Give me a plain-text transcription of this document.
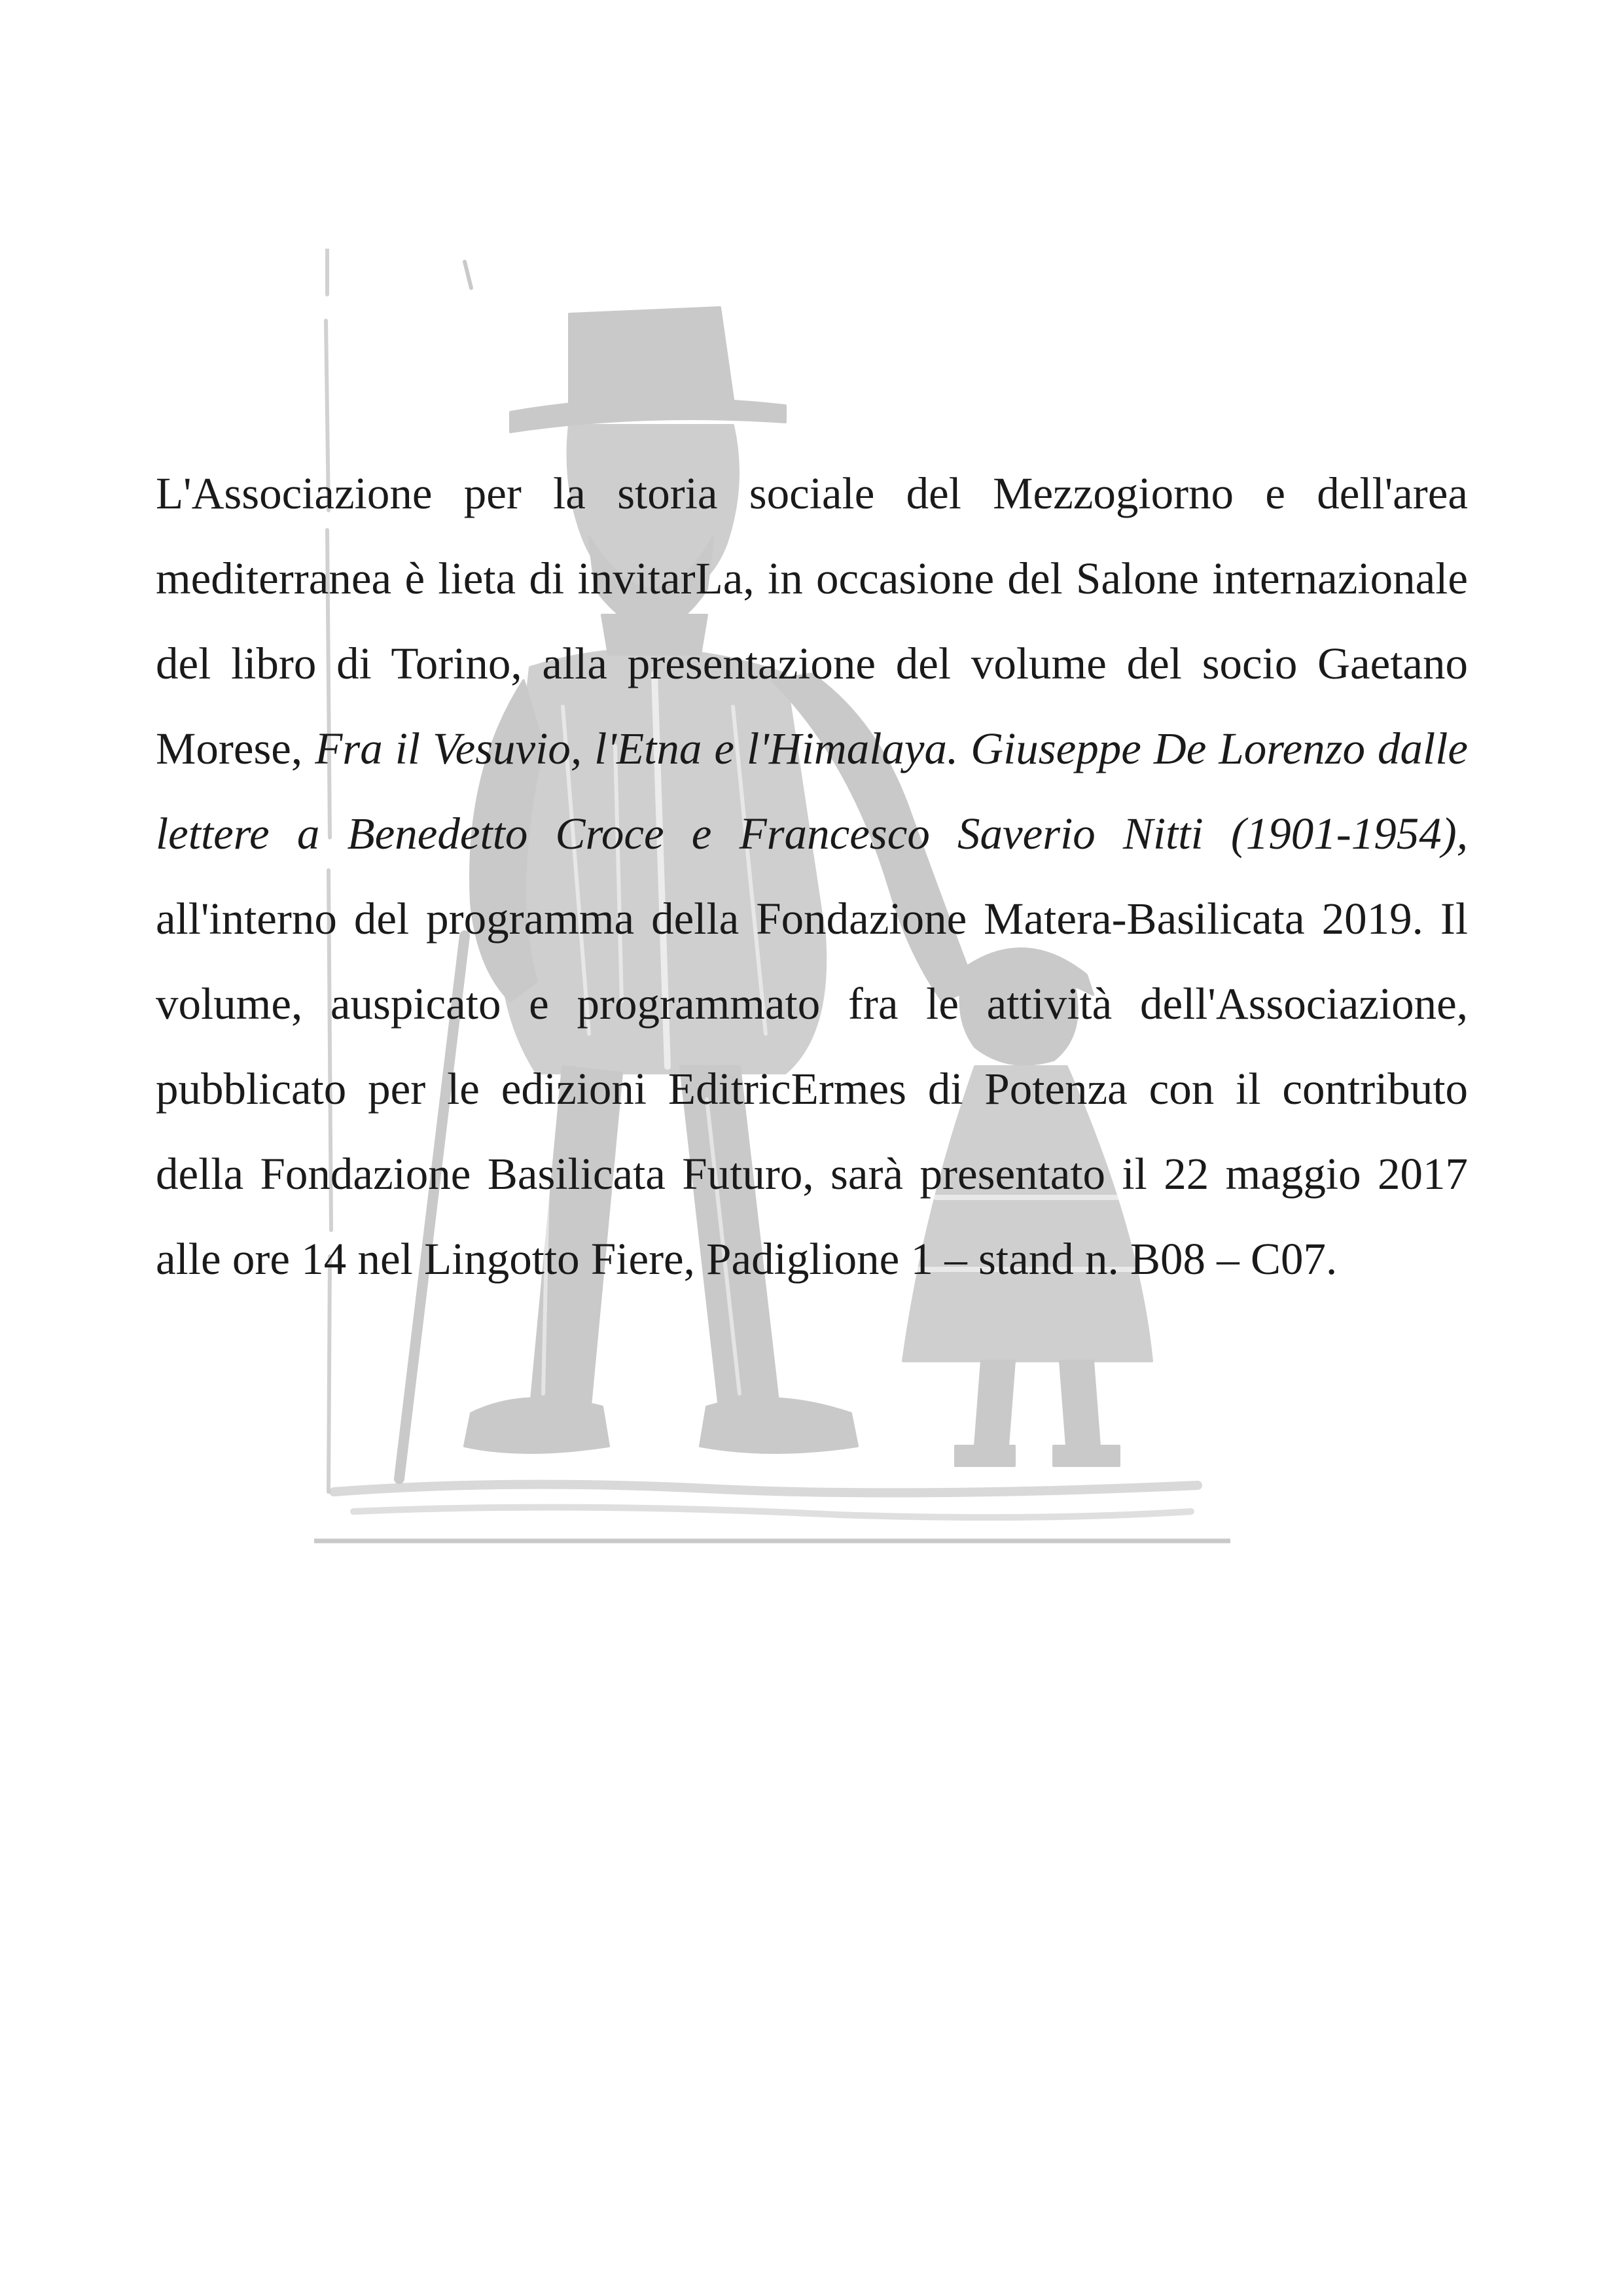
L'Associazione per la storia sociale del Mezzogiorno e dell'area mediterranea è lieta di invitarLa, in occasione del Salone internazionale del libro di Torino, alla presentazione del volume del socio Gaetano Morese, Fra il Vesuvio, l'Etna e l'Himalaya. Giuseppe De Lorenzo dalle lettere a Benedetto Croce e Francesco Saverio Nitti (1901-1954), all'interno del programma della Fondazione Matera-Basilicata 2019. Il volume, auspicato e programmato fra le attività dell'Associazione, pubblicato per le edizioni EditricErmes di Potenza con il contributo della Fondazione Basilicata Futuro, sarà presentato il 22 maggio 2017 alle ore 14 nel Lingotto Fiere, Padiglione 1 – stand n. B08 – C07.
